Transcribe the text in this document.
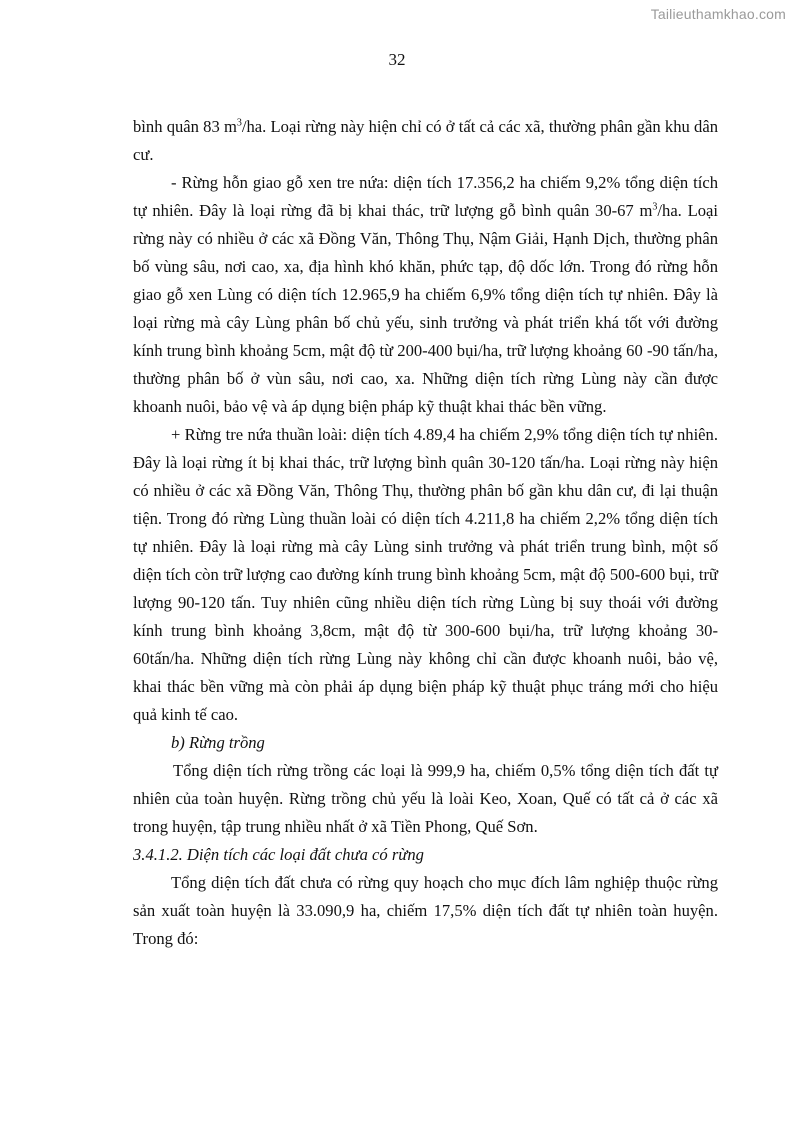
Tailieuthamkhao.com
32

bình quân 83 $m^3/ha$. Loại rừng này hiện chỉ có ở tất cả các xã, thường phân gần khu dân cư.

- Rừng hỗn giao gỗ xen tre nứa: diện tích 17.356,2 ha chiếm 9,2% tổng diện tích tự nhiên. Đây là loại rừng đã bị khai thác, trữ lượng gỗ bình quân 30-67 $m^3/ha$. Loại rừng này có nhiều ở các xã Đồng Văn, Thông Thụ, Nậm Giải, Hạnh Dịch, thường phân bố vùng sâu, nơi cao, xa, địa hình khó khăn, phức tạp, độ dốc lớn. Trong đó rừng hỗn giao gỗ xen Lùng có diện tích 12.965,9 ha chiếm 6,9% tổng diện tích tự nhiên. Đây là loại rừng mà cây Lùng phân bố chủ yếu, sinh trưởng và phát triển khá tốt với đường kính trung bình khoảng 5cm, mật độ từ 200-400 bụi/ha, trữ lượng khoảng 60 -90 tấn/ha, thường phân bố ở vùn sâu, nơi cao, xa. Những diện tích rừng Lùng này cần được khoanh nuôi, bảo vệ và áp dụng biện pháp kỹ thuật khai thác bền vững.

+ Rừng tre nứa thuần loài: diện tích 4.89,4 ha chiếm 2,9% tổng diện tích tự nhiên. Đây là loại rừng ít bị khai thác, trữ lượng bình quân 30-120 tấn/ha. Loại rừng này hiện có nhiều ở các xã Đồng Văn, Thông Thụ, thường phân bố gần khu dân cư, đi lại thuận tiện. Trong đó rừng Lùng thuần loài có diện tích 4.211,8 ha chiếm 2,2% tổng diện tích tự nhiên. Đây là loại rừng mà cây Lùng sinh trưởng và phát triển trung bình, một số diện tích còn trữ lượng cao đường kính trung bình khoảng 5cm, mật độ 500-600 bụi, trữ lượng 90-120 tấn. Tuy nhiên cũng nhiều diện tích rừng Lùng bị suy thoái với đường kính trung bình khoảng 3,8cm, mật độ từ 300-600 bụi/ha, trữ lượng khoảng 30-60tấn/ha. Những diện tích rừng Lùng này không chỉ cần được khoanh nuôi, bảo vệ, khai thác bền vững mà còn phải áp dụng biện pháp kỹ thuật phục tráng mới cho hiệu quả kinh tế cao.

b) Rừng trồng

Tổng diện tích rừng trồng các loại là 999,9 ha, chiếm 0,5% tổng diện tích đất tự nhiên của toàn huyện. Rừng trồng chủ yếu là loài Keo, Xoan, Quế có tất cả ở các xã trong huyện, tập trung nhiều nhất ở xã Tiền Phong, Quế Sơn.

3.4.1.2. Diện tích các loại đất chưa có rừng

Tổng diện tích đất chưa có rừng quy hoạch cho mục đích lâm nghiệp thuộc rừng sản xuất toàn huyện là 33.090,9 ha, chiếm 17,5% diện tích đất tự nhiên toàn huyện. Trong đó:
